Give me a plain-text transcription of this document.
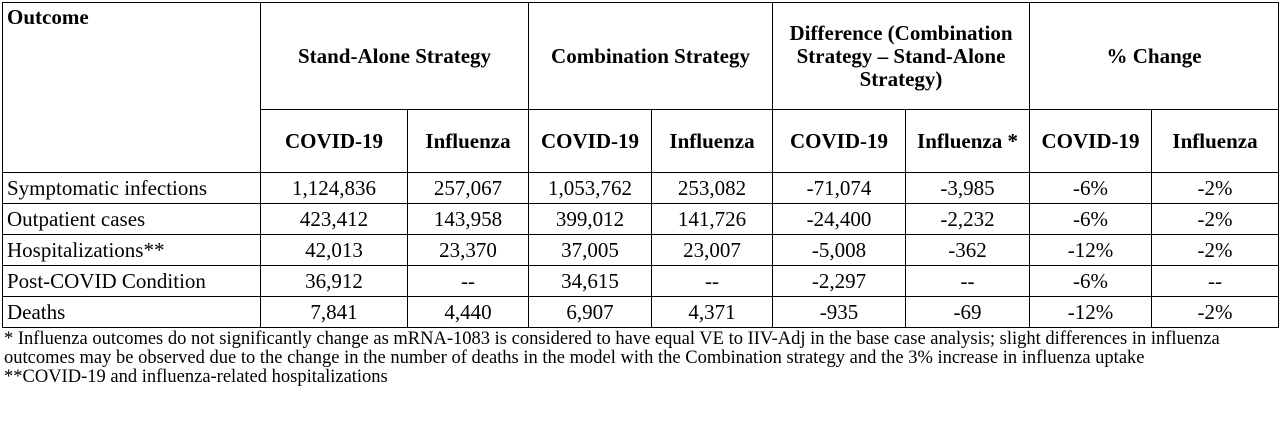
Outcome	Stand-Alone Strategy		Combination Strategy		Difference (Combination Strategy – Stand-Alone Strategy)		% Change	
	COVID-19	Influenza	COVID-19	Influenza	COVID-19	Influenza *	COVID-19	Influenza
Symptomatic infections	1,124,836	257,067	1,053,762	253,082	-71,074	-3,985	-6%	-2%
Outpatient cases	423,412	143,958	399,012	141,726	-24,400	-2,232	-6%	-2%
Hospitalizations**	42,013	23,370	37,005	23,007	-5,008	-362	-12%	-2%
Post-COVID Condition	36,912	--	34,615	--	-2,297	--	-6%	--
Deaths	7,841	4,440	6,907	4,371	-935	-69	-12%	-2%
* Influenza outcomes do not significantly change as mRNA-1083 is considered to have equal VE to IIV-Adj in the base case analysis; slight differences in influenza outcomes may be observed due to the change in the number of deaths in the model with the Combination strategy and the 3% increase in influenza uptake
**COVID-19 and influenza-related hospitalizations
